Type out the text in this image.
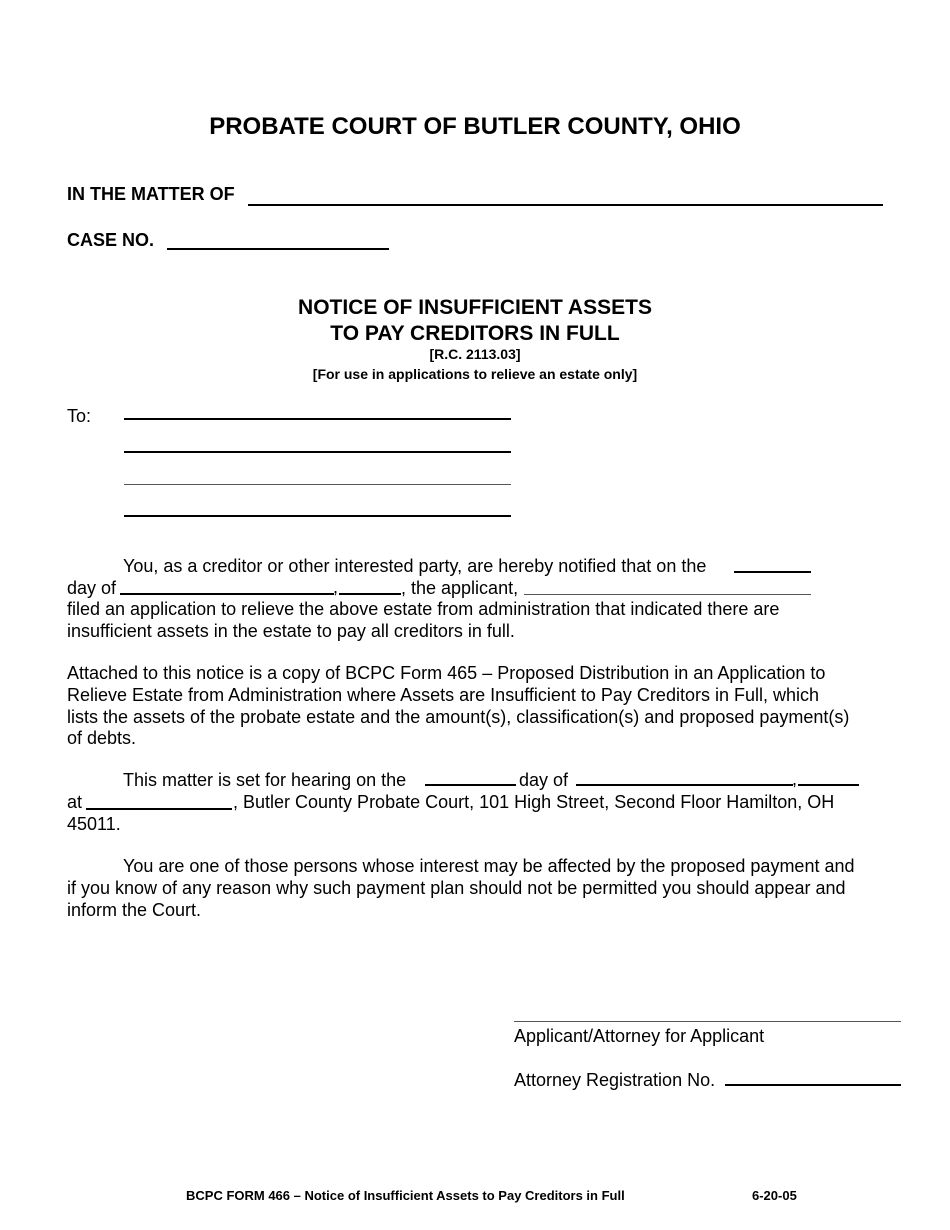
PROBATE COURT OF BUTLER COUNTY, OHIO
IN THE MATTER OF
CASE NO.
NOTICE OF INSUFFICIENT ASSETS
TO PAY CREDITORS IN FULL
[R.C. 2113.03]
[For use in applications to relieve an estate only]
To:
You, as a creditor or other interested party, are hereby notified that on the
day of	,	, the applicant,
filed an application to relieve the above estate from administration that indicated there are
insufficient assets in the estate to pay all creditors in full.
Attached to this notice is a copy of BCPC Form 465 – Proposed Distribution in an Application to
Relieve Estate from Administration where Assets are Insufficient to Pay Creditors in Full, which
lists the assets of the probate estate and the amount(s), classification(s) and proposed payment(s)
of debts.
This matter is set for hearing on the	day of	,
at	, Butler County Probate Court, 101 High Street, Second Floor Hamilton, OH
45011.
You are one of those persons whose interest may be affected by the proposed payment and
if you know of any reason why such payment plan should not be permitted you should appear and
inform the Court.
Applicant/Attorney for Applicant
Attorney Registration No.
BCPC FORM 466 – Notice of Insufficient Assets to Pay Creditors in Full	6-20-05
